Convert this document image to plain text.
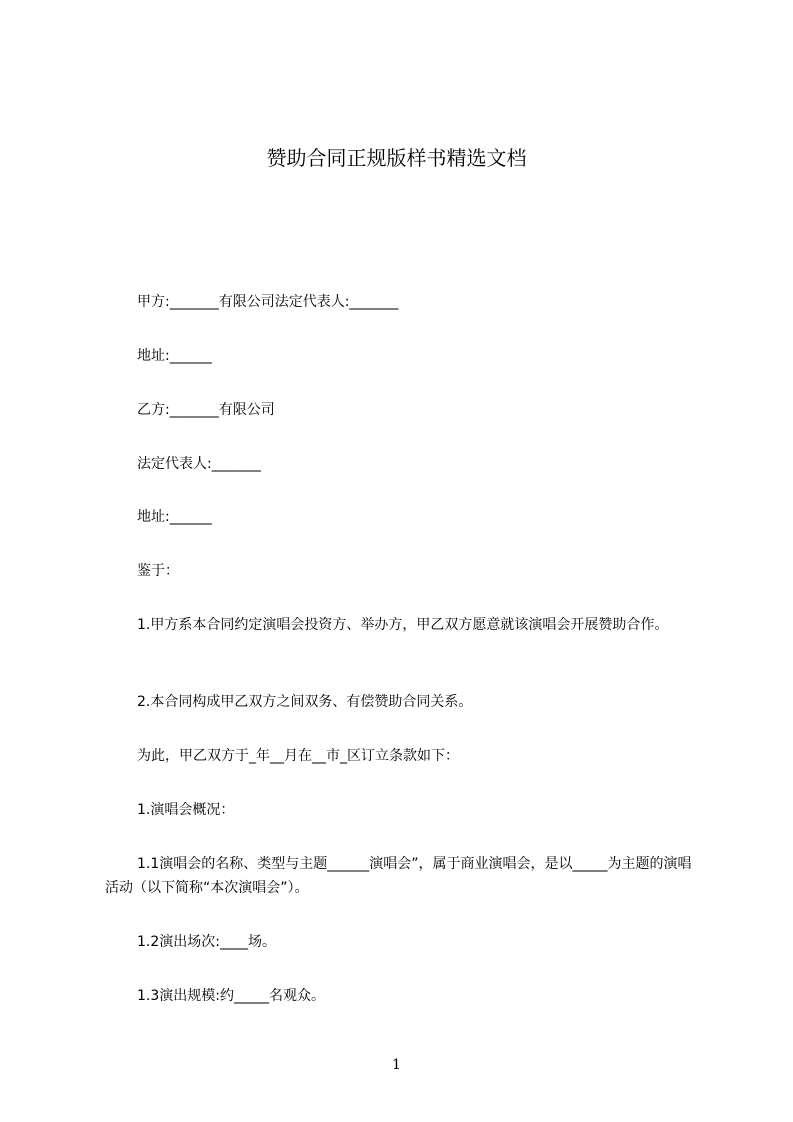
赞助合同正规版样书精选文档

甲方:_______有限公司法定代表人:_______

地址:______

乙方:_______有限公司

法定代表人:_______

地址:______

鉴于：

1.甲方系本合同约定演唱会投资方、举办方，甲乙双方愿意就该演唱会开展赞助合作。

2.本合同构成甲乙双方之间双务、有偿赞助合同关系。

为此，甲乙双方于_年__月在__市_区订立条款如下：

1.演唱会概况：

1.1演唱会的名称、类型与主题______演唱会”，属于商业演唱会，是以_____为主题的演唱活动（以下简称“本次演唱会”）。

1.2演出场次:____场。

1.3演出规模:约_____名观众。

1
